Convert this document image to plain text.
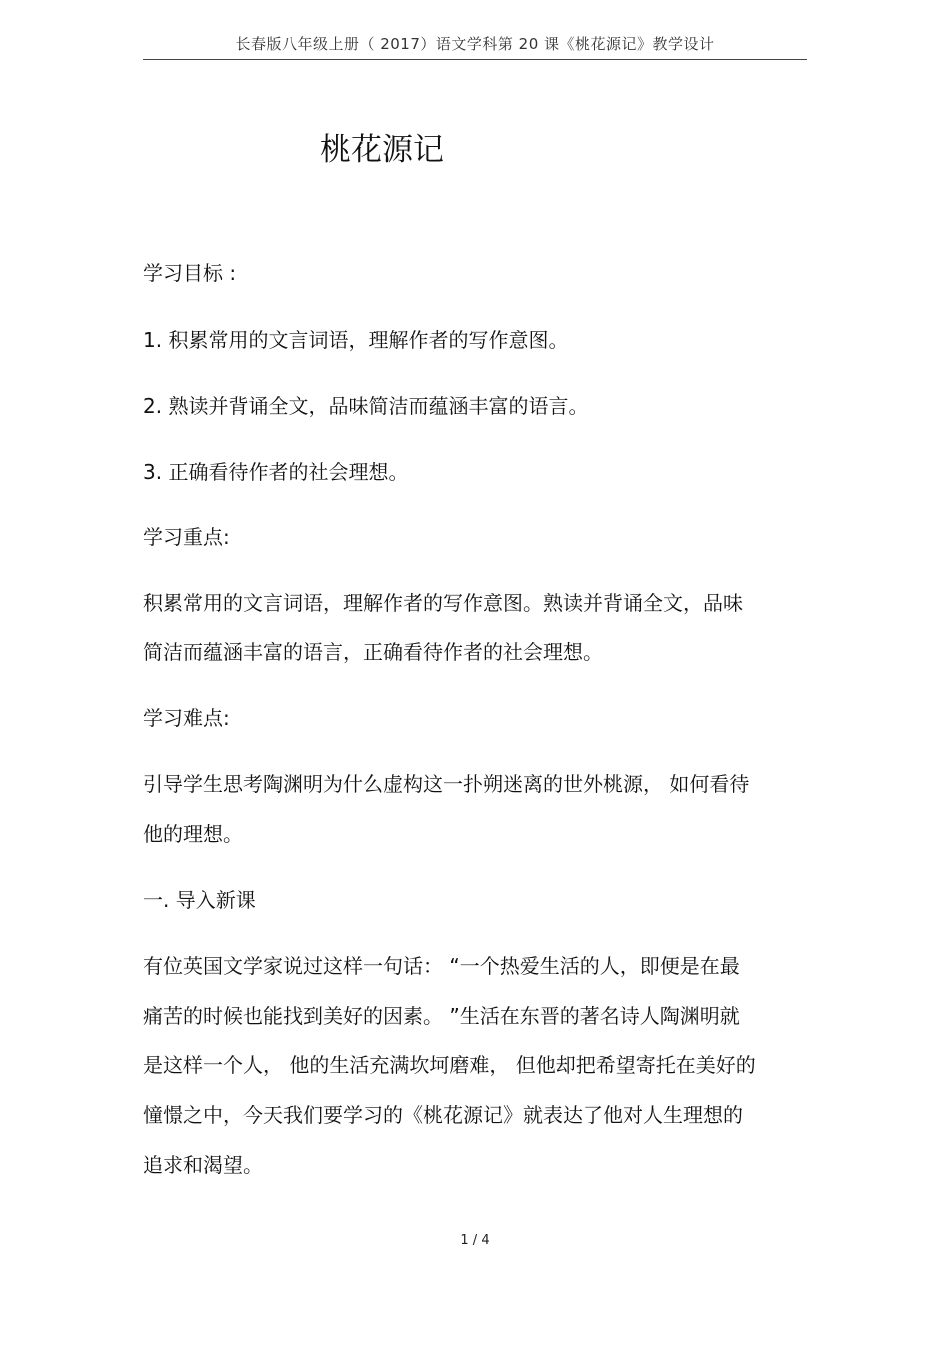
长春版八年级上册（ 2017）语文学科第 20 课《桃花源记》教学设计
桃花源记
学习目标 :
1. 积累常用的文言词语，理解作者的写作意图。
2. 熟读并背诵全文，品味简洁而蕴涵丰富的语言。
3. 正确看待作者的社会理想。
学习重点:
积累常用的文言词语，理解作者的写作意图。熟读并背诵全文，品味
简洁而蕴涵丰富的语言，正确看待作者的社会理想。
学习难点:
引导学生思考陶渊明为什么虚构这一扑朔迷离的世外桃源， 如何看待
他的理想。
一. 导入新课
有位英国文学家说过这样一句话： “一个热爱生活的人，即便是在最
痛苦的时候也能找到美好的因素。 ”生活在东晋的著名诗人陶渊明就
是这样一个人， 他的生活充满坎坷磨难， 但他却把希望寄托在美好的
憧憬之中，今天我们要学习的《桃花源记》就表达了他对人生理想的
追求和渴望。
1 / 4
